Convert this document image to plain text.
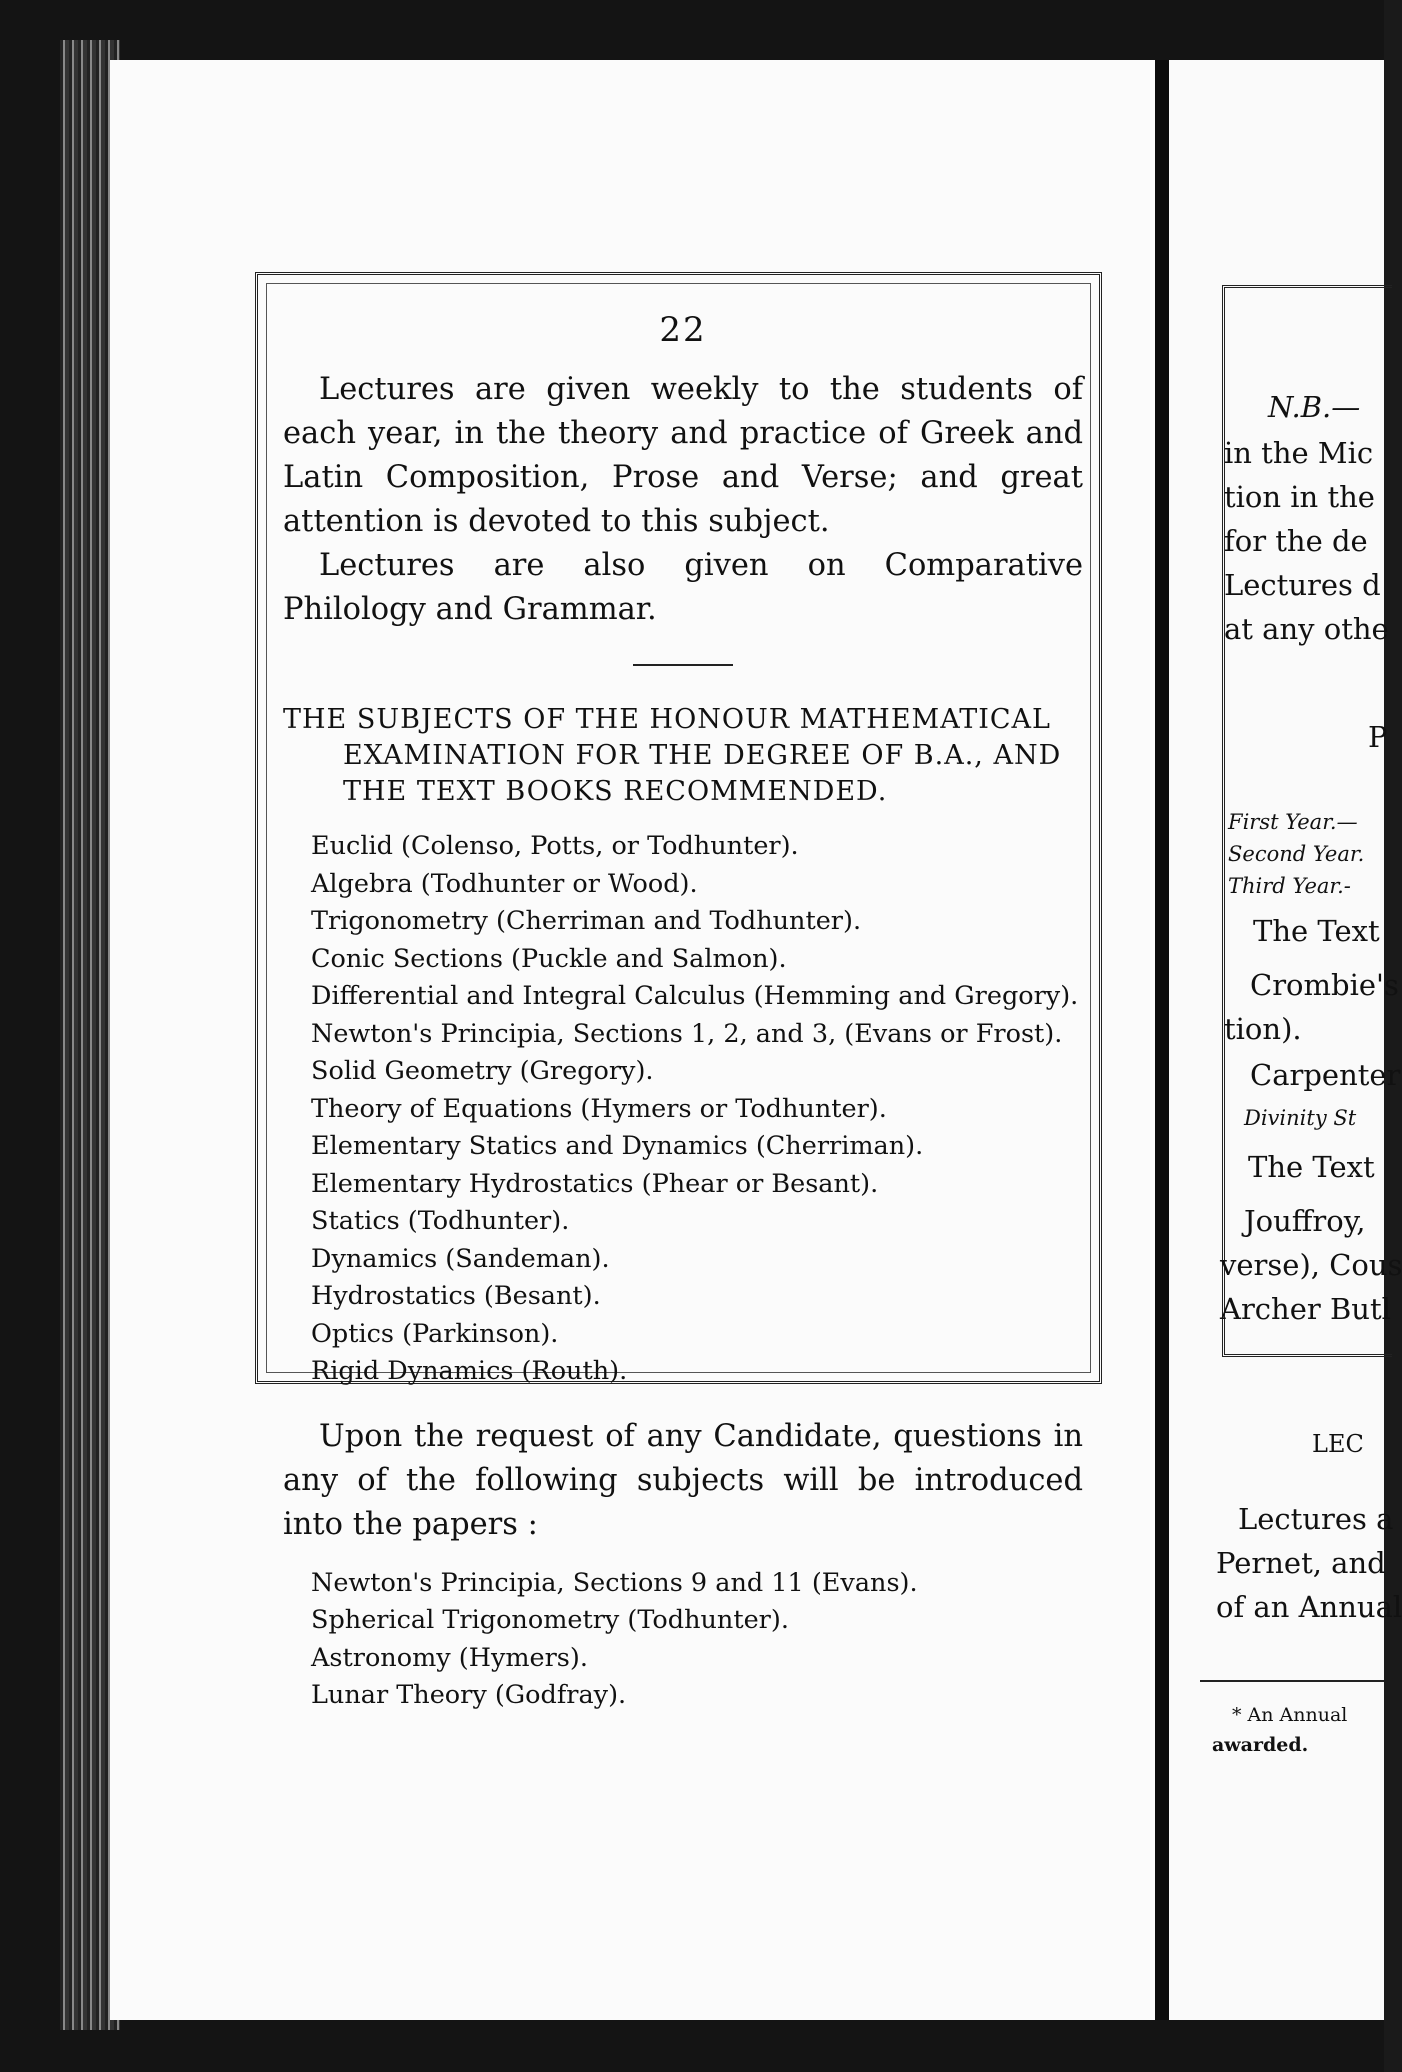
22

Lectures are given weekly to the students of each year, in the theory and practice of Greek and Latin Composition, Prose and Verse; and great attention is devoted to this subject.

Lectures are also given on Comparative Philology and Grammar.

THE SUBJECTS OF THE HONOUR MATHEMATICAL EXAMINATION FOR THE DEGREE OF B.A., AND THE TEXT BOOKS RECOMMENDED.

Euclid (Colenso, Potts, or Todhunter).
Algebra (Todhunter or Wood).
Trigonometry (Cherriman and Todhunter).
Conic Sections (Puckle and Salmon).
Differential and Integral Calculus (Hemming and Gregory).
Newton's Principia, Sections 1, 2, and 3, (Evans or Frost).
Solid Geometry (Gregory).
Theory of Equations (Hymers or Todhunter).
Elementary Statics and Dynamics (Cherriman).
Elementary Hydrostatics (Phear or Besant).
Statics (Todhunter).
Dynamics (Sandeman).
Hydrostatics (Besant).
Optics (Parkinson).
Rigid Dynamics (Routh).

Upon the request of any Candidate, questions in any of the following subjects will be introduced into the papers :

Newton's Principia, Sections 9 and 11 (Evans).
Spherical Trigonometry (Todhunter).
Astronomy (Hymers).
Lunar Theory (Godfray).
N.B.—
in the Mic
tion in the
for the de
Lectures d
at any othe
P
First Year.—
Second Year.
Third Year.-
The Text
Crombie's
tion).
Carpenter
Divinity St
The Text
Jouffroy,
verse), Cous
Archer Butl
LEC
Lectures a
Pernet, and
of an Annual
* An Annual
awarded.
